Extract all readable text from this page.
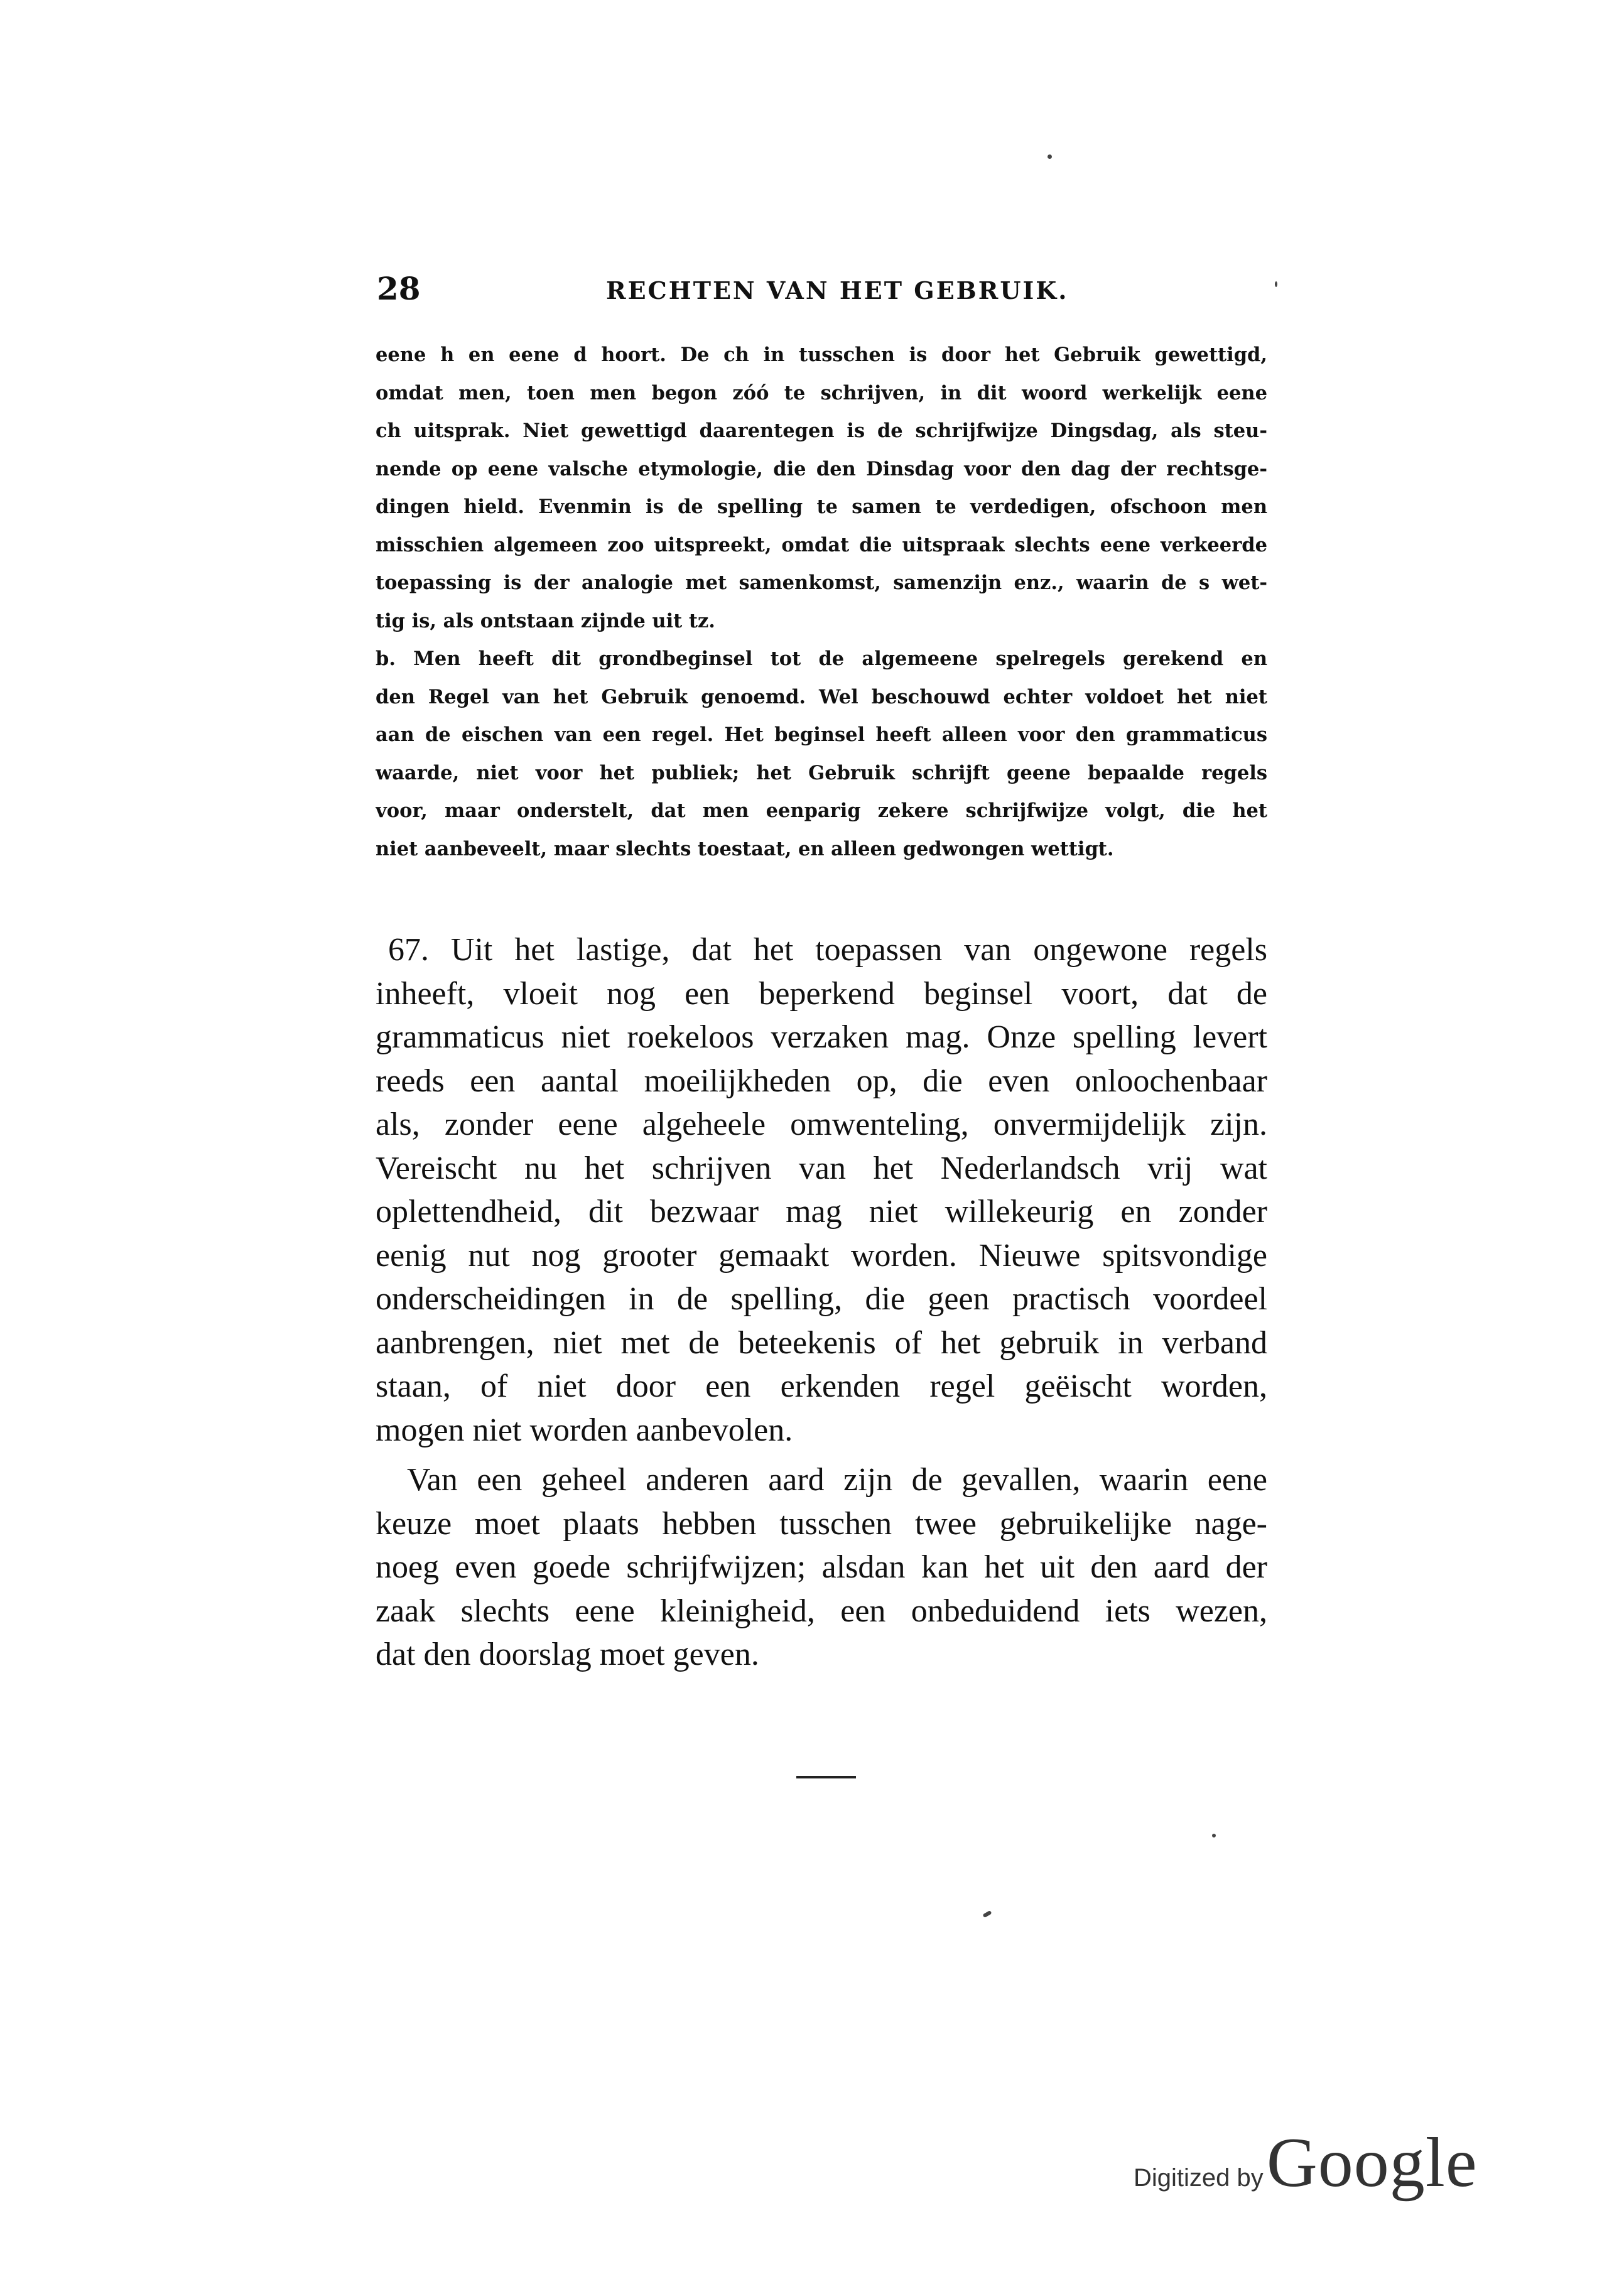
28	RECHTEN VAN HET GEBRUIK.
eene h en eene d hoort. De ch in tusschen is door het Gebruik gewettigd,
omdat men, toen men begon zóó te schrijven, in dit woord werkelijk eene
ch uitsprak. Niet gewettigd daarentegen is de schrijfwijze Dingsdag, als steu-
nende op eene valsche etymologie, die den Dinsdag voor den dag der rechtsge-
dingen hield. Evenmin is de spelling te samen te verdedigen, ofschoon men
misschien algemeen zoo uitspreekt, omdat die uitspraak slechts eene verkeerde
toepassing is der analogie met samenkomst, samenzijn enz., waarin de s wet-
tig is, als ontstaan zijnde uit tz.
b. Men heeft dit grondbeginsel tot de algemeene spelregels gerekend en
den Regel van het Gebruik genoemd. Wel beschouwd echter voldoet het niet
aan de eischen van een regel. Het beginsel heeft alleen voor den grammaticus
waarde, niet voor het publiek; het Gebruik schrijft geene bepaalde regels
voor, maar onderstelt, dat men eenparig zekere schrijfwijze volgt, die het
niet aanbeveelt, maar slechts toestaat, en alleen gedwongen wettigt.
67. Uit het lastige, dat het toepassen van ongewone regels
inheeft, vloeit nog een beperkend beginsel voort, dat de
grammaticus niet roekeloos verzaken mag. Onze spelling levert
reeds een aantal moeilijkheden op, die even onloochenbaar
als, zonder eene algeheele omwenteling, onvermijdelijk zijn.
Vereischt nu het schrijven van het Nederlandsch vrij wat
oplettendheid, dit bezwaar mag niet willekeurig en zonder
eenig nut nog grooter gemaakt worden. Nieuwe spitsvondige
onderscheidingen in de spelling, die geen practisch voordeel
aanbrengen, niet met de beteekenis of het gebruik in verband
staan, of niet door een erkenden regel geëischt worden,
mogen niet worden aanbevolen.
Van een geheel anderen aard zijn de gevallen, waarin eene
keuze moet plaats hebben tusschen twee gebruikelijke nage-
noeg even goede schrijfwijzen; alsdan kan het uit den aard der
zaak slechts eene kleinigheid, een onbeduidend iets wezen,
dat den doorslag moet geven.
Digitized by Google
